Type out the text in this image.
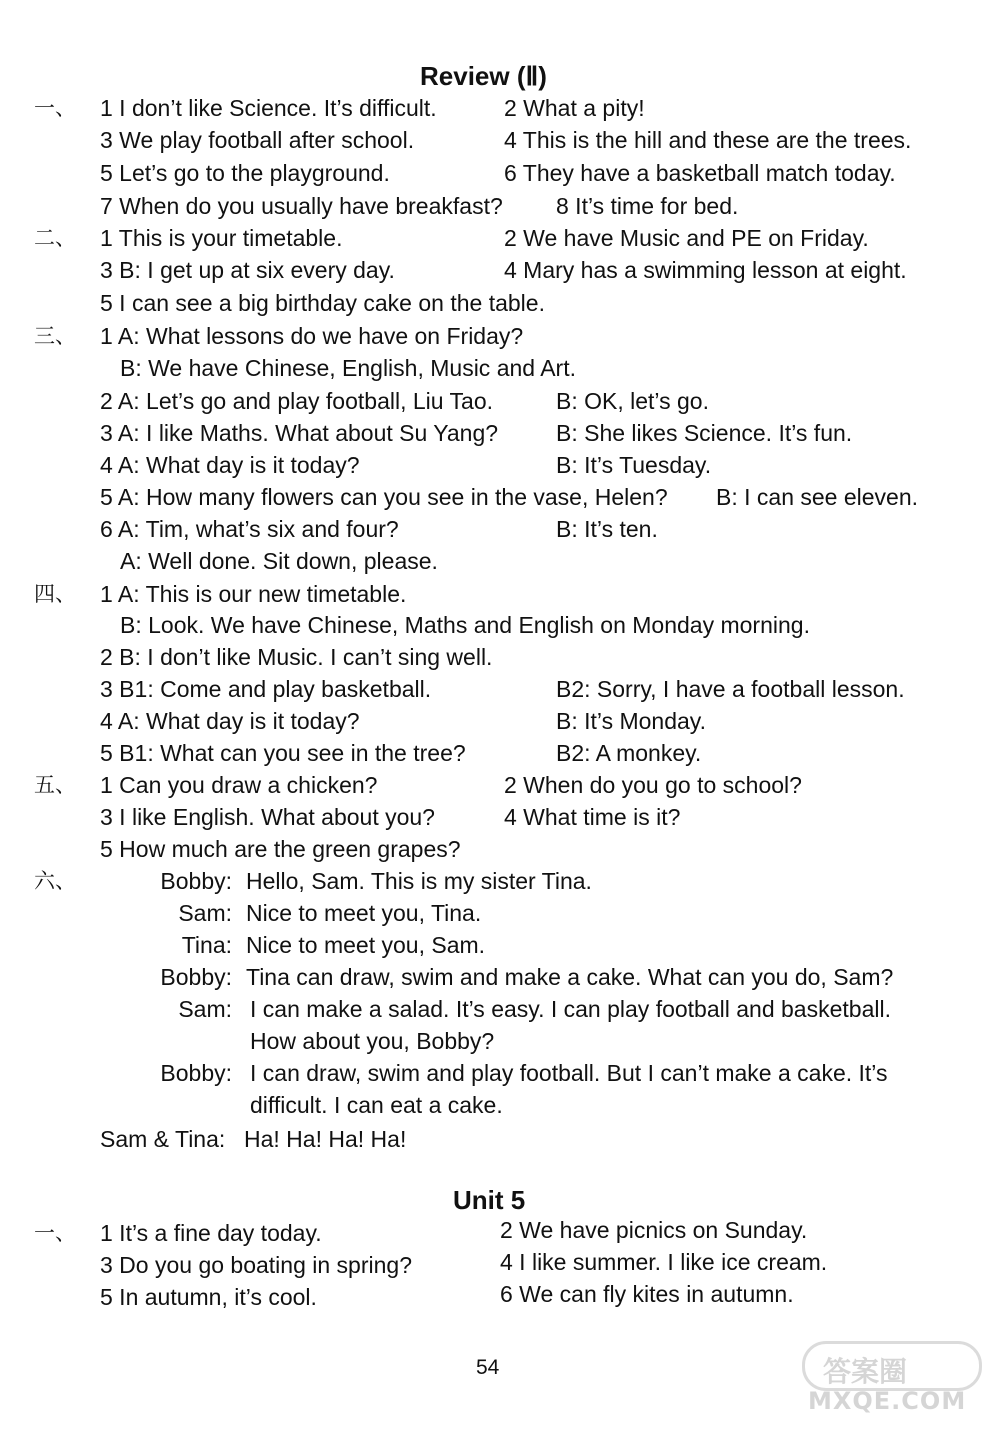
Review (Ⅱ)
一、 1 I don’t like Science. It’s difficult.	2 What a pity!
3 We play football after school.	4 This is the hill and these are the trees.
5 Let’s go to the playground.	6 They have a basketball match today.
7 When do you usually have breakfast? 8 It’s time for bed.
二、 1 This is your timetable.	2 We have Music and PE on Friday.
3 B: I get up at six every day.	4 Mary has a swimming lesson at eight.
5 I can see a big birthday cake on the table.
三、 1 A: What lessons do we have on Friday?
B: We have Chinese, English, Music and Art.
2 A: Let’s go and play football, Liu Tao.	B: OK, let’s go.
3 A: I like Maths. What about Su Yang?	B: She likes Science. It’s fun.
4 A: What day is it today?	B: It’s Tuesday.
5 A: How many flowers can you see in the vase, Helen? B: I can see eleven.
6 A: Tim, what’s six and four?	B: It’s ten.
A: Well done. Sit down, please.
四、 1 A: This is our new timetable.
B: Look. We have Chinese, Maths and English on Monday morning.
2 B: I don’t like Music. I can’t sing well.
3 B1: Come and play basketball.	B2: Sorry, I have a football lesson.
4 A: What day is it today?	B: It’s Monday.
5 B1: What can you see in the tree?	B2: A monkey.
五、 1 Can you draw a chicken?	2 When do you go to school?
3 I like English. What about you?	4 What time is it?
5 How much are the green grapes?
六、	Bobby: Hello, Sam. This is my sister Tina.
Sam: Nice to meet you, Tina.
Tina: Nice to meet you, Sam.
Bobby: Tina can draw, swim and make a cake. What can you do, Sam?
Sam: I can make a salad. It’s easy. I can play football and basketball.
How about you, Bobby?
Bobby: I can draw, swim and play football. But I can’t make a cake. It’s
difficult. I can eat a cake.
Sam & Tina: Ha! Ha! Ha! Ha!
Unit 5
一、 1 It’s a fine day today.	2 We have picnics on Sunday.
3 Do you go boating in spring?	4 I like summer. I like ice cream.
5 In autumn, it’s cool.	6 We can fly kites in autumn.
54	答案圈
MXQE.COM
